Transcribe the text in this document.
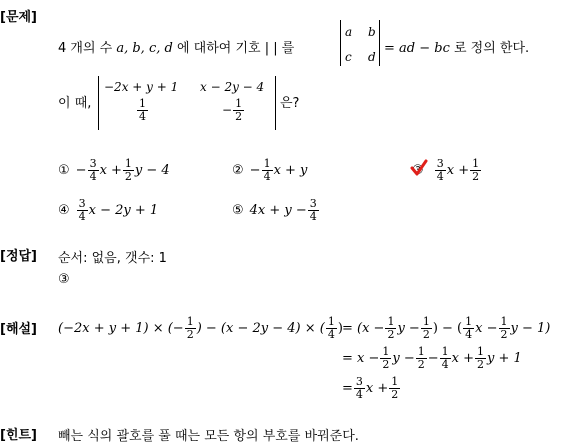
[문제]
[정답]
[해설]
[힌트]
4 개의 수 a, b, c, d 에 대하여 기호 | | 를
a b
c d
= ad − bc 로 정의 한다.
이 때,
−2x + y + 1 x − 2y − 4
$\frac{1}{4}$	− $\frac{1}{2}$	은?
① − $\frac{3}{4}$ $x + \frac{1}{2}$ y − 4	② − $\frac{1}{4}$ x + y	③ $\frac{3}{4}$ $x + \frac{1}{2}$
④ $\frac{3}{4}$ x − 2y + 1	⑤ $4x + y - \frac{3}{4}$
순서: 없음, 갯수: 1
③
(−2x + y + 1) × (− $\frac{1}{2}$ ) − (x − 2y − 4) × ( $\frac{1}{4}$ ) = ($x - \frac{1}{2}$ $y - \frac{1}{2}$ ) − ( $\frac{1}{4}$ $x - \frac{1}{2}$ y − 1)
= $x - \frac{1}{2}$ $y - \frac{1}{2} - \frac{1}{4}$ $x + \frac{1}{2}$ y + 1
= $\frac{3}{4}$ $x + \frac{1}{2}$
빼는 식의 괄호를 풀 때는 모든 항의 부호를 바꿔준다.
